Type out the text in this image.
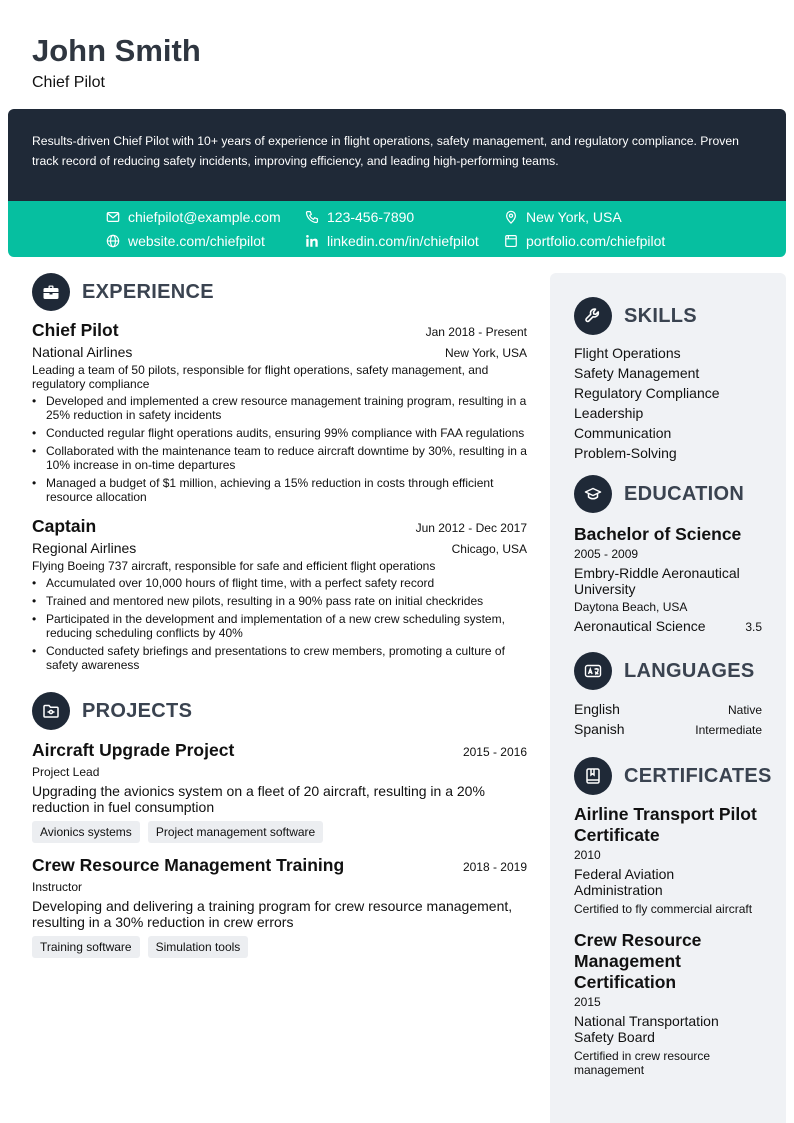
John Smith
Chief Pilot
Results-driven Chief Pilot with 10+ years of experience in flight operations, safety management, and regulatory compliance. Proven track record of reducing safety incidents, improving efficiency, and leading high-performing teams.
chiefpilot@example.com	123-456-7890	New York, USA
website.com/chiefpilot	linkedin.com/in/chiefpilot	portfolio.com/chiefpilot
EXPERIENCE
Chief Pilot	Jan 2018 - Present
National Airlines	New York, USA
Leading a team of 50 pilots, responsible for flight operations, safety management, and regulatory compliance
• Developed and implemented a crew resource management training program, resulting in a 25% reduction in safety incidents
• Conducted regular flight operations audits, ensuring 99% compliance with FAA regulations
• Collaborated with the maintenance team to reduce aircraft downtime by 30%, resulting in a 10% increase in on-time departures
• Managed a budget of $1 million, achieving a 15% reduction in costs through efficient resource allocation
Captain	Jun 2012 - Dec 2017
Regional Airlines	Chicago, USA
Flying Boeing 737 aircraft, responsible for safe and efficient flight operations
• Accumulated over 10,000 hours of flight time, with a perfect safety record
• Trained and mentored new pilots, resulting in a 90% pass rate on initial checkrides
• Participated in the development and implementation of a new crew scheduling system, reducing scheduling conflicts by 40%
• Conducted safety briefings and presentations to crew members, promoting a culture of safety awareness
PROJECTS
Aircraft Upgrade Project	2015 - 2016
Project Lead
Upgrading the avionics system on a fleet of 20 aircraft, resulting in a 20% reduction in fuel consumption
Avionics systems	Project management software
Crew Resource Management Training	2018 - 2019
Instructor
Developing and delivering a training program for crew resource management, resulting in a 30% reduction in crew errors
Training software	Simulation tools
SKILLS
Flight Operations
Safety Management
Regulatory Compliance
Leadership
Communication
Problem-Solving
EDUCATION
Bachelor of Science
2005 - 2009
Embry-Riddle Aeronautical University
Daytona Beach, USA
Aeronautical Science	3.5
LANGUAGES
English	Native
Spanish	Intermediate
CERTIFICATES
Airline Transport Pilot Certificate
2010
Federal Aviation Administration
Certified to fly commercial aircraft
Crew Resource Management Certification
2015
National Transportation Safety Board
Certified in crew resource management
